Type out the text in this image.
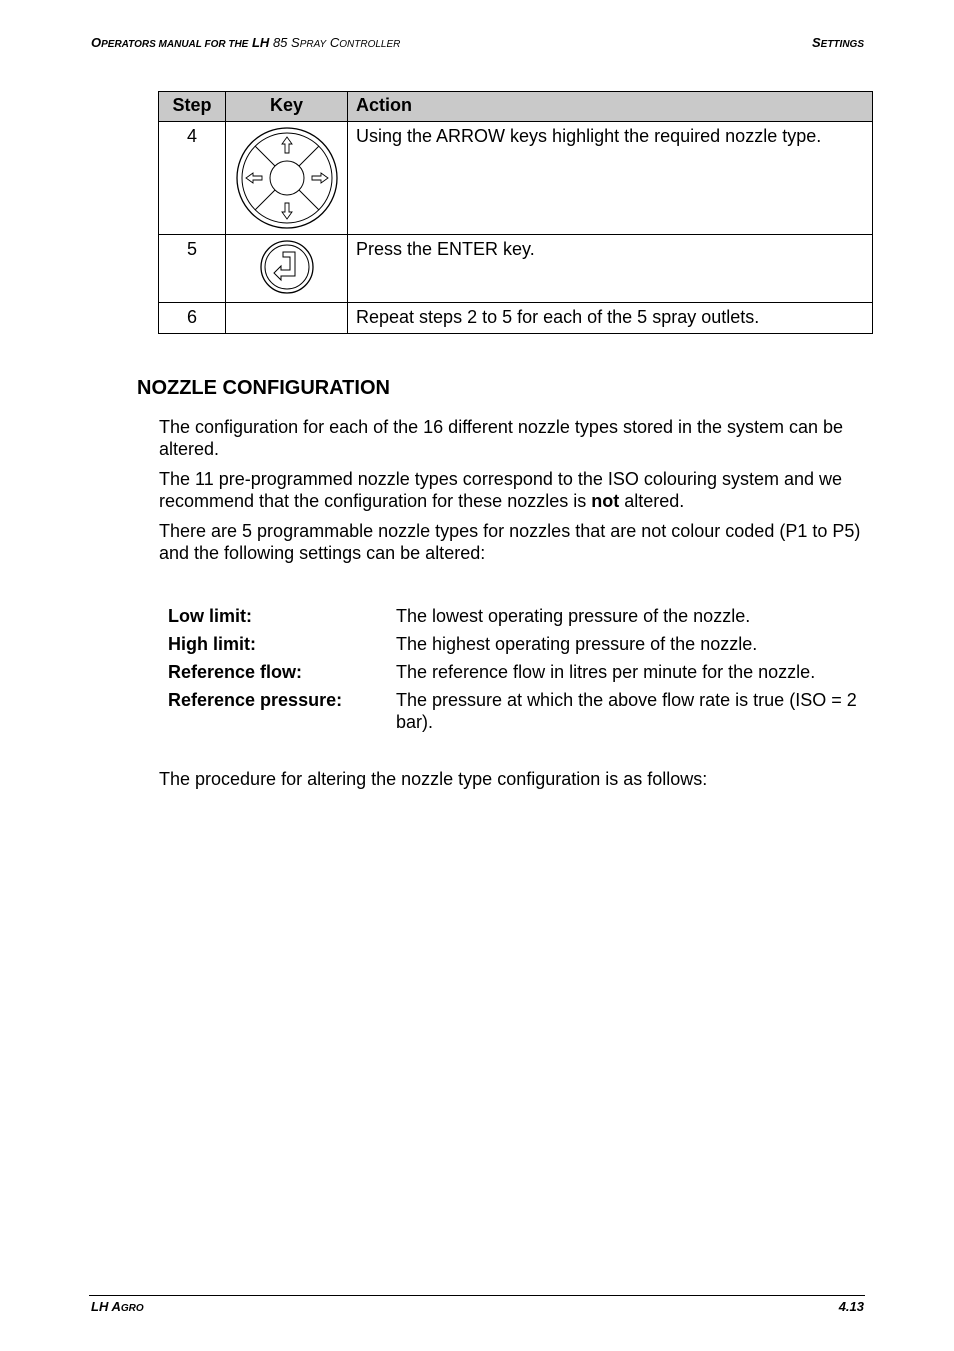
OPERATORS MANUAL FOR THE LH 85 SPRAY CONTROLLER	SETTINGS
Step	Key	Action
4		Using the ARROW keys highlight the required nozzle type.
5		Press the ENTER key.
6		Repeat steps 2 to 5 for each of the 5 spray outlets.
NOZZLE CONFIGURATION

The configuration for each of the 16 different nozzle types stored in the system can be altered.

The 11 pre-programmed nozzle types correspond to the ISO colouring system and we recommend that the configuration for these nozzles is not altered.

There are 5 programmable nozzle types for nozzles that are not colour coded (P1 to P5) and the following settings can be altered:

Low limit:	The lowest operating pressure of the nozzle.
High limit:	The highest operating pressure of the nozzle.
Reference flow:	The reference flow in litres per minute for the nozzle.
Reference pressure:	The pressure at which the above flow rate is true (ISO = 2 bar).

The procedure for altering the nozzle type configuration is as follows:

LH AGRO	4.13
